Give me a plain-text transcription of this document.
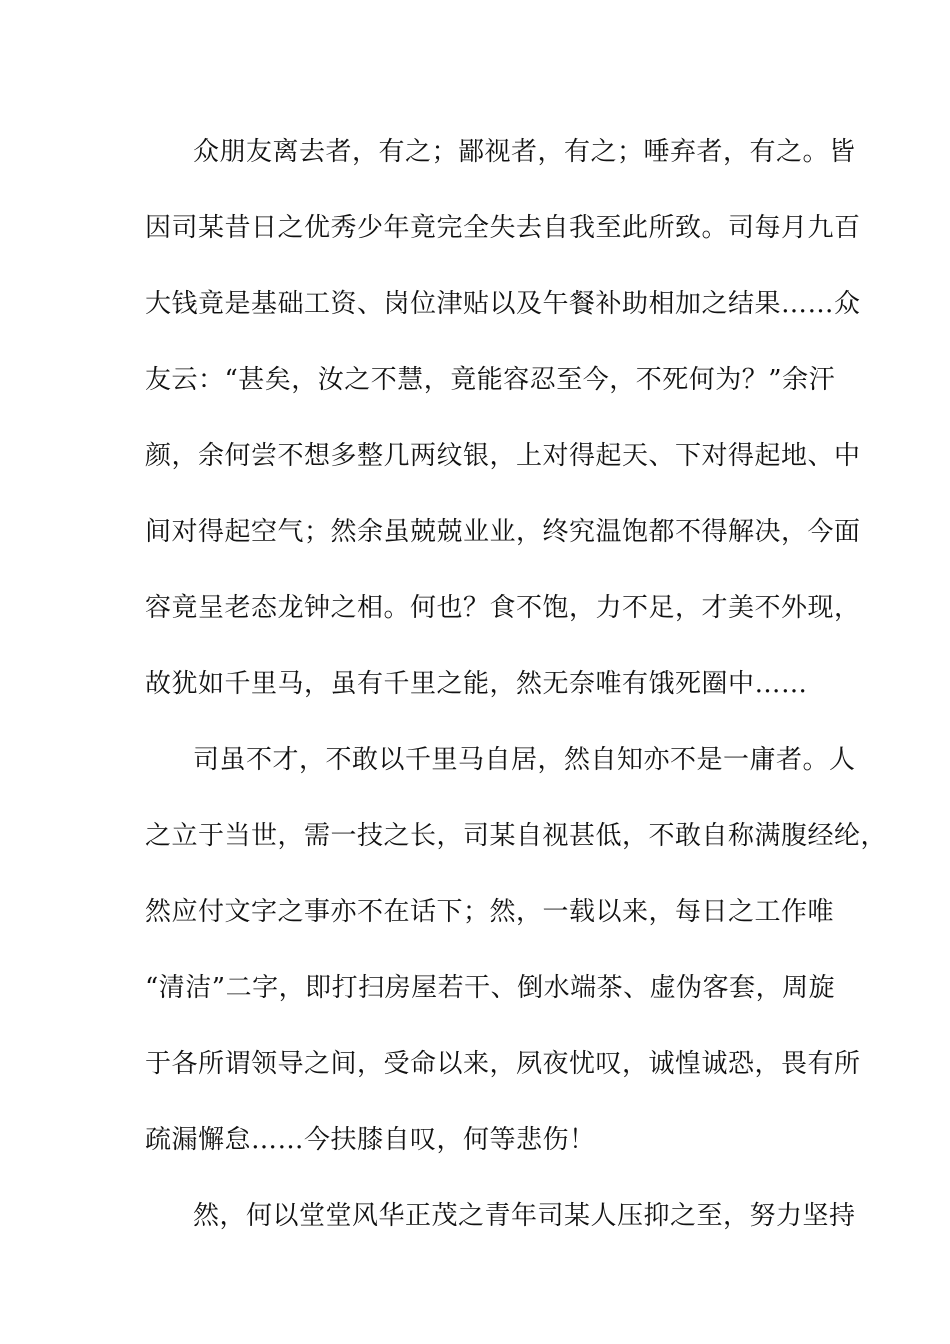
众朋友离去者，有之；鄙视者，有之；唾弃者，有之。皆
因司某昔日之优秀少年竟完全失去自我至此所致。司每月九百
大钱竟是基础工资、岗位津贴以及午餐补助相加之结果……众
友云：“甚矣，汝之不慧，竟能容忍至今，不死何为？”余汗
颜，余何尝不想多整几两纹银，上对得起天、下对得起地、中
间对得起空气；然余虽兢兢业业，终究温饱都不得解决，今面
容竟呈老态龙钟之相。何也？食不饱，力不足，才美不外现，
故犹如千里马，虽有千里之能，然无奈唯有饿死圈中……
司虽不才，不敢以千里马自居，然自知亦不是一庸者。人
之立于当世，需一技之长，司某自视甚低，不敢自称满腹经纶，
然应付文字之事亦不在话下；然，一载以来，每日之工作唯
“清洁”二字，即打扫房屋若干、倒水端茶、虚伪客套，周旋
于各所谓领导之间，受命以来，夙夜忧叹，诚惶诚恐，畏有所
疏漏懈怠……今扶膝自叹，何等悲伤！
然，何以堂堂风华正茂之青年司某人压抑之至，努力坚持
